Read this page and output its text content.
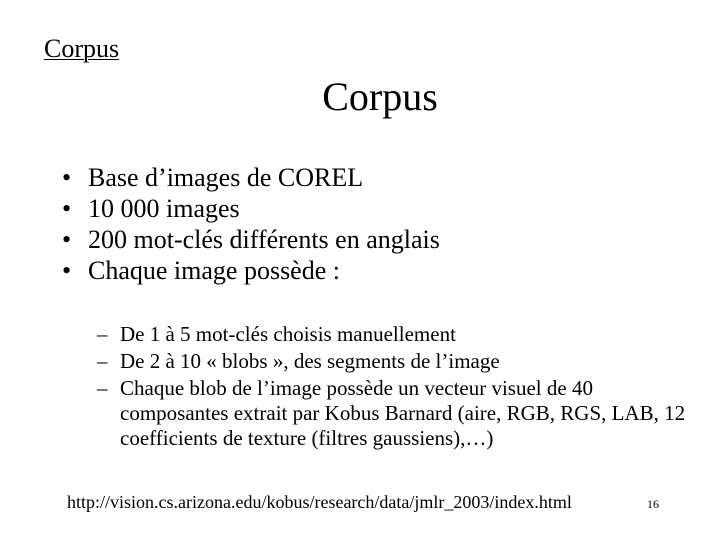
Corpus
Corpus
• Base d’images de COREL
• 10 000 images
• 200 mot-clés différents en anglais
• Chaque image possède :
– De 1 à 5 mot-clés choisis manuellement
– De 2 à 10 « blobs », des segments de l’image
– Chaque blob de l’image possède un vecteur visuel de 40 composantes extrait par Kobus Barnard (aire, RGB, RGS, LAB, 12 coefficients de texture (filtres gaussiens),…)
http://vision.cs.arizona.edu/kobus/research/data/jmlr_2003/index.html	16
